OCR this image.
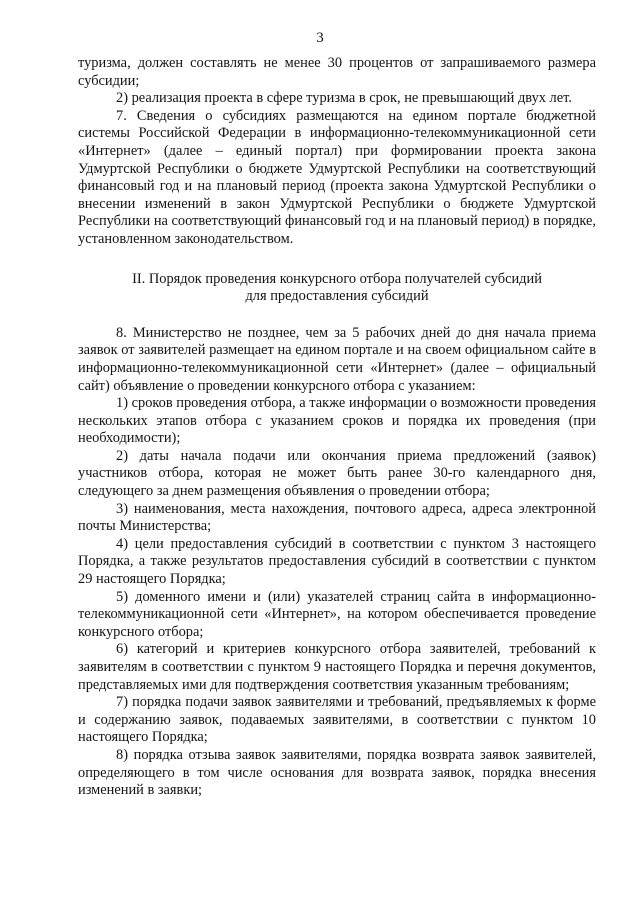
3

туризма, должен составлять не менее 30 процентов от запрашиваемого размера субсидии;

2) реализация проекта в сфере туризма в срок, не превышающий двух лет.

7. Сведения о субсидиях размещаются на едином портале бюджетной системы Российской Федерации в информационно-телекоммуникационной сети «Интернет» (далее – единый портал) при формировании проекта закона Удмуртской Республики о бюджете Удмуртской Республики на соответствующий финансовый год и на плановый период (проекта закона Удмуртской Республики о внесении изменений в закон Удмуртской Республики о бюджете Удмуртской Республики на соответствующий финансовый год и на плановый период) в порядке, установленном законодательством.

II. Порядок проведения конкурсного отбора получателей субсидий
для предоставления субсидий

8. Министерство не позднее, чем за 5 рабочих дней до дня начала приема заявок от заявителей размещает на едином портале и на своем официальном сайте в информационно-телекоммуникационной сети «Интернет» (далее – официальный сайт) объявление о проведении конкурсного отбора с указанием:

1) сроков проведения отбора, а также информации о возможности проведения нескольких этапов отбора с указанием сроков и порядка их проведения (при необходимости);

2) даты начала подачи или окончания приема предложений (заявок) участников отбора, которая не может быть ранее 30-го календарного дня, следующего за днем размещения объявления о проведении отбора;

3) наименования, места нахождения, почтового адреса, адреса электронной почты Министерства;

4) цели предоставления субсидий в соответствии с пунктом 3 настоящего Порядка, а также результатов предоставления субсидий в соответствии с пунктом 29 настоящего Порядка;

5) доменного имени и (или) указателей страниц сайта в информационно-телекоммуникационной сети «Интернет», на котором обеспечивается проведение конкурсного отбора;

6) категорий и критериев конкурсного отбора заявителей, требований к заявителям в соответствии с пунктом 9 настоящего Порядка и перечня документов, представляемых ими для подтверждения соответствия указанным требованиям;

7) порядка подачи заявок заявителями и требований, предъявляемых к форме и содержанию заявок, подаваемых заявителями, в соответствии с пунктом 10 настоящего Порядка;

8) порядка отзыва заявок заявителями, порядка возврата заявок заявителей, определяющего в том числе основания для возврата заявок, порядка внесения изменений в заявки;
